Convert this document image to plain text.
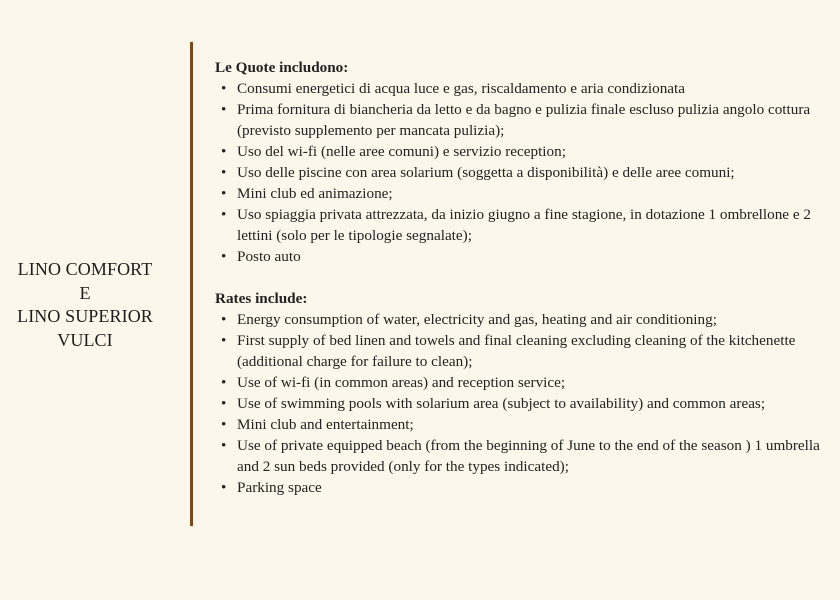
LINO COMFORT
E
LINO SUPERIOR
VULCI

Le Quote includono:

• Consumi energetici di acqua luce e gas, riscaldamento e aria condizionata
• Prima fornitura di biancheria da letto e da bagno e pulizia finale escluso pulizia angolo cottura (previsto supplemento per mancata pulizia);
• Uso del wi-fi (nelle aree comuni) e servizio reception;
• Uso delle piscine con area solarium (soggetta a disponibilità) e delle aree comuni;
• Mini club ed animazione;
• Uso spiaggia privata attrezzata, da inizio giugno a fine stagione, in dotazione 1 ombrellone e 2 lettini (solo per le tipologie segnalate);
• Posto auto

Rates include:

• Energy consumption of water, electricity and gas, heating and air conditioning;
• First supply of bed linen and towels and final cleaning excluding cleaning of the kitchenette (additional charge for failure to clean);
• Use of wi-fi (in common areas) and reception service;
• Use of swimming pools with solarium area (subject to availability) and common areas;
• Mini club and entertainment;
• Use of private equipped beach (from the beginning of June to the end of the season ) 1 umbrella and 2 sun beds provided (only for the types indicated);
• Parking space
